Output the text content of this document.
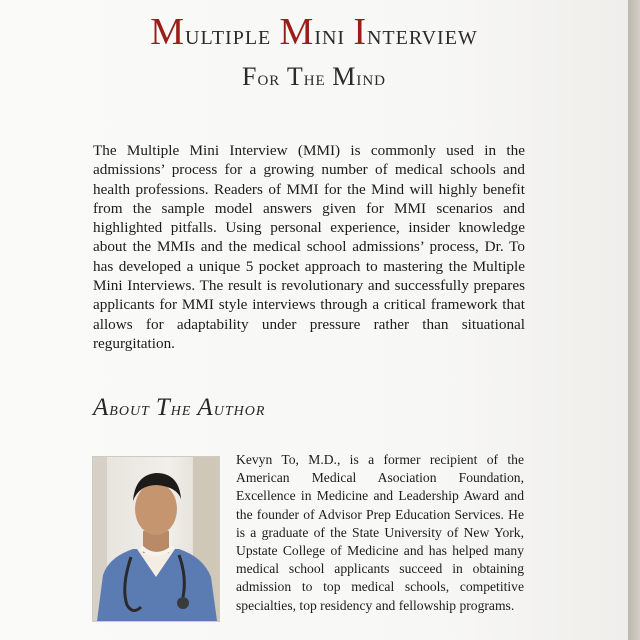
Multiple Mini Interview
For The Mind

The Multiple Mini Interview (MMI) is commonly used in the admissions’ process for a growing number of medical schools and health professions. Readers of MMI for the Mind will highly benefit from the sample model answers given for MMI scenarios and highlighted pitfalls. Using personal experience, insider knowledge about the MMIs and the medical school admissions’ process, Dr. To has developed a unique 5 pocket approach to mastering the Multiple Mini Interviews. The result is revolutionary and successfully prepares applicants for MMI style interviews through a critical framework that allows for adaptability under pressure rather than situational regurgitation.

About The Author

Kevyn To, M.D., is a former recipient of the American Medical Asociation Foundation, Excellence in Medicine and Leadership Award and the founder of Advisor Prep Education Services. He is a graduate of the State University of New York, Upstate College of Medicine and has helped many medical school applicants succeed in obtaining admission to top medical schools, competitive specialties, top residency and fellowship programs.
